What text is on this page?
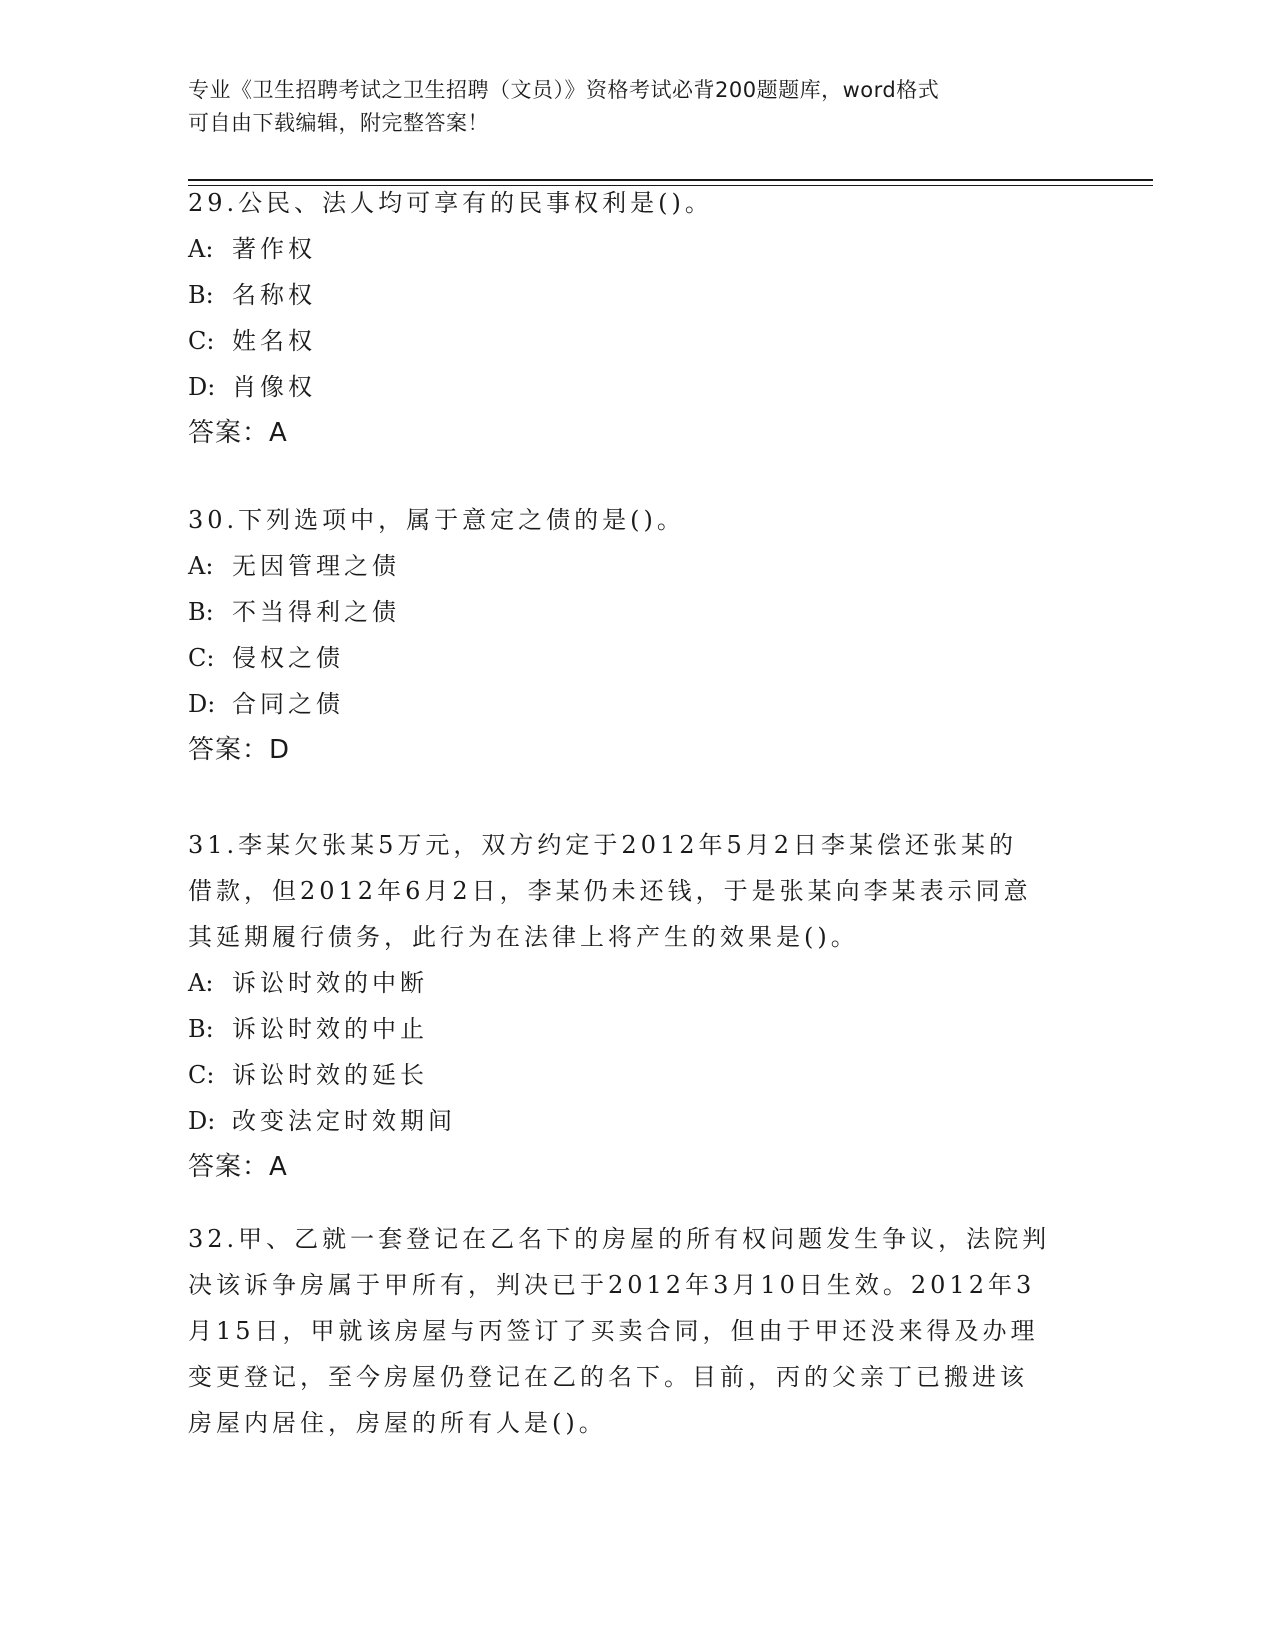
专业《卫生招聘考试之卫生招聘（文员）》资格考试必背200题题库，word格式
可自由下载编辑，附完整答案！
29.公民、法人均可享有的民事权利是()。
A: 著作权
B: 名称权
C: 姓名权
D: 肖像权
答案：A
30.下列选项中，属于意定之债的是()。
A: 无因管理之债
B: 不当得利之债
C: 侵权之债
D: 合同之债
答案：D
31.李某欠张某5万元，双方约定于2012年5月2日李某偿还张某的
借款，但2012年6月2日，李某仍未还钱，于是张某向李某表示同意
其延期履行债务，此行为在法律上将产生的效果是()。
A: 诉讼时效的中断
B: 诉讼时效的中止
C: 诉讼时效的延长
D: 改变法定时效期间
答案：A
32.甲、乙就一套登记在乙名下的房屋的所有权问题发生争议，法院判
决该诉争房属于甲所有，判决已于2012年3月10日生效。2012年3
月15日，甲就该房屋与丙签订了买卖合同，但由于甲还没来得及办理
变更登记，至今房屋仍登记在乙的名下。目前，丙的父亲丁已搬进该
房屋内居住，房屋的所有人是()。
